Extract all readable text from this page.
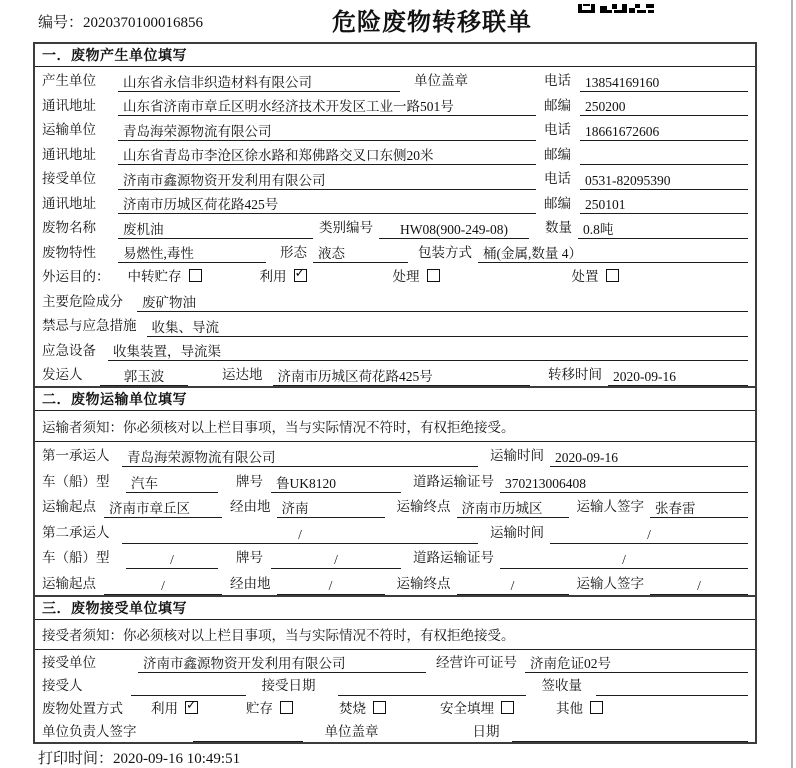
编号：2020370100016856	危险废物转移联单
一．废物产生单位填写
产生单位	山东省永信非织造材料有限公司	单位盖章	电话	13854169160
通讯地址	山东省济南市章丘区明水经济技术开发区工业一路501号	邮编	250200
运输单位	青岛海荣源物流有限公司	电话	18661672606
通讯地址	山东省青岛市李沧区徐水路和郑佛路交叉口东侧20米	邮编
接受单位	济南市鑫源物资开发利用有限公司	电话	0531-82095390
通讯地址	济南市历城区荷花路425号	邮编	250101
废物名称	废机油	类别编号	HW08(900-249-08)	数量 0.8吨
废物特性	易燃性,毒性	形态 液态	包装方式 桶(金属,数量 4）
外运目的： 中转贮存	利用 ✓	处理	处置
主要危险成分	废矿物油
禁忌与应急措施	收集、导流
应急设备	收集装置，导流渠
发运人	郭玉波	运达地	济南市历城区荷花路425号	转移时间 2020-09-16
二．废物运输单位填写
运输者须知： 你必须核对以上栏目事项，当与实际情况不符时，有权拒绝接受。
第一承运人	青岛海荣源物流有限公司	运输时间 2020-09-16
车（船）型	汽车	牌号 鲁UK8120	道路运输证号 370213006408
运输起点 济南市章丘区	经由地 济南	运输终点 济南市历城区	运输人签字 张春雷
第二承运人	/	运输时间	/
车（船）型	/	牌号	/	道路运输证号	/
运输起点	/	经由地	/	运输终点	/	运输人签字	/
三．废物接受单位填写
接受者须知： 你必须核对以上栏目事项，当与实际情况不符时，有权拒绝接受。
接受单位	济南市鑫源物资开发利用有限公司	经营许可证号 济南危证02号
接受人	接受日期	签收量
废物处置方式 利用 ✓	贮存	焚烧	安全填埋	其他
单位负责人签字	单位盖章	日期
打印时间：2020-09-16 10:49:51
